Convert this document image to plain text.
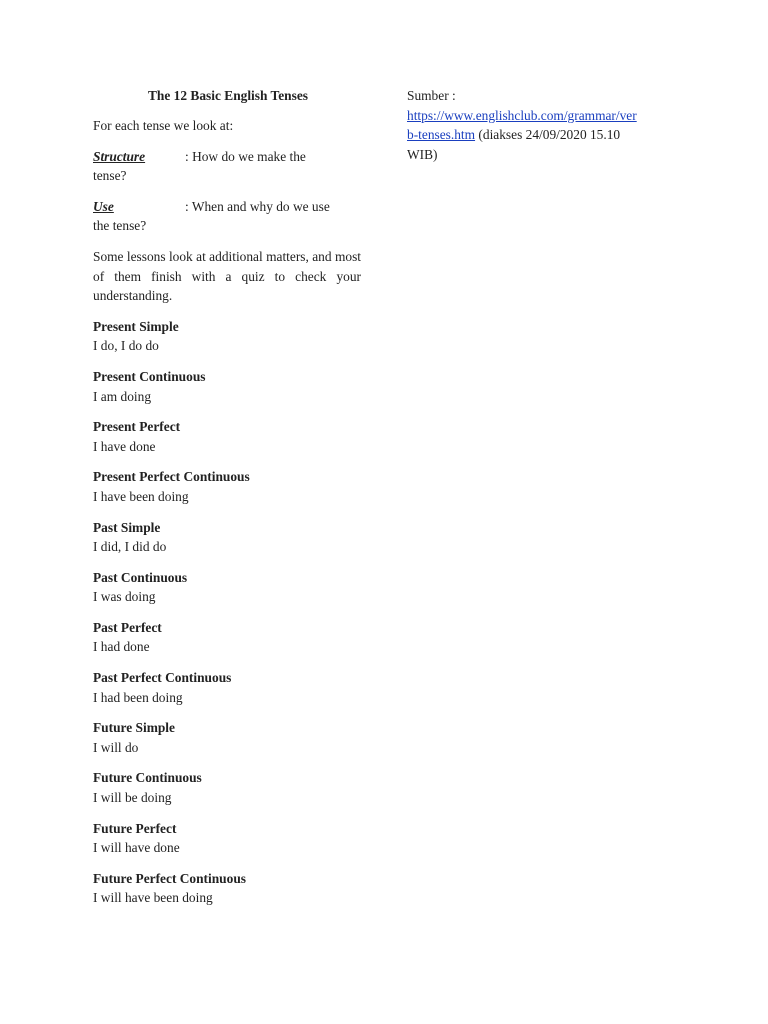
The 12 Basic English Tenses
For each tense we look at:
Structure	: How do we make the
tense?
Use	: When and why do we use
the tense?
Some lessons look at additional matters, and most of them finish with a quiz to check your understanding.
Present Simple
I do, I do do
Present Continuous
I am doing
Present Perfect
I have done
Present Perfect Continuous
I have been doing
Past Simple
I did, I did do
Past Continuous
I was doing
Past Perfect
I had done
Past Perfect Continuous
I had been doing
Future Simple
I will do
Future Continuous
I will be doing
Future Perfect
I will have done
Future Perfect Continuous
I will have been doing
Sumber :
https://www.englishclub.com/grammar/ver
b-tenses.htm (diakses 24/09/2020 15.10
WIB)
